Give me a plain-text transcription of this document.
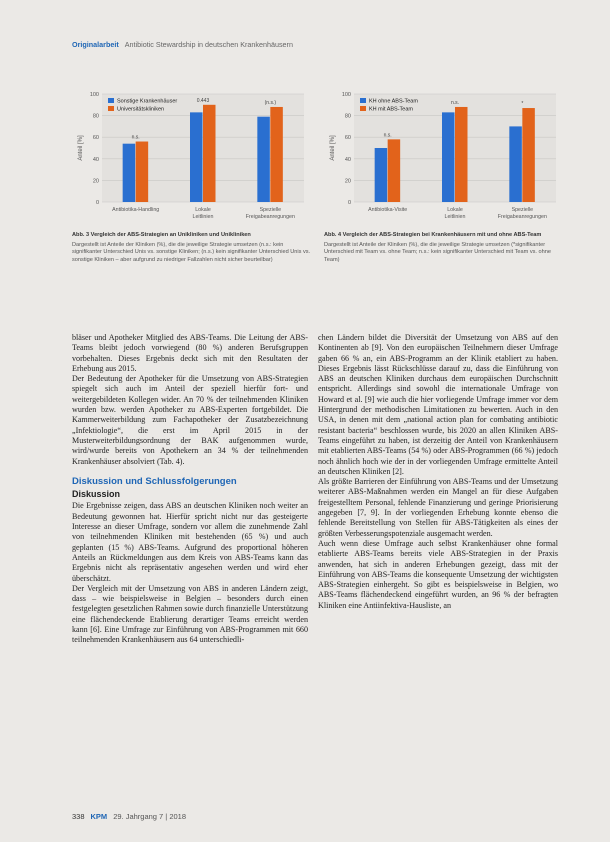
Originalarbeit Antibiotic Stewardship in deutschen Krankenhäusern
0
20
40
60
80
100
Anteil [%]	n.s.
Antibiotika-Handling
0.443
Lokale
Leitlinien
(n.s.)
Spezielle
Freigabeanregungen
Sonstige Krankenhäuser
Universitätskliniken
0
20
40
60
80
100
Anteil [%]	n.s.
Antibiotika-Visite
n.s.
Lokale
Leitlinien
*
Spezielle
Freigabeanregungen
KH ohne ABS-Team
KH mit ABS-Team
Abb. 3 Vergleich der ABS-Strategien an Unikliniken und Unikliniken
Dargestellt ist Anteile der Kliniken (%), die die jeweilige Strategie umsetzen (n.s.: kein signifikanter Unterschied Unis vs. sonstige Kliniken; (n.s.) kein signifikanter Unterschied Unis vs. sonstige Kliniken – aber aufgrund zu niedriger Fallzahlen nicht sicher beurteilbar)
Abb. 4 Vergleich der ABS-Strategien bei Krankenhäusern mit und ohne ABS-Team
Dargestellt ist Anteile der Kliniken (%), die die jeweilige Strategie umsetzen (*signifikanter Unterschied mit Team vs. ohne Team; n.s.: kein signifikanter Unterschied mit Team vs. ohne Team)

bläser und Apotheker Mitglied des ABS-Teams. Die Leitung der ABS-Teams bleibt jedoch vorwiegend (80 %) anderen Berufsgruppen vorbehalten. Dieses Ergebnis deckt sich mit den Resultaten der Erhebung aus 2015.

Der Bedeutung der Apotheker für die Umsetzung von ABS-Strategien spiegelt sich auch im Anteil der speziell hierfür fort- und weitergebildeten Kollegen wider. An 70 % der teilnehmenden Kliniken wurden bzw. werden Apotheker zu ABS-Experten fortgebildet. Die Kammerweiterbildung zum Fachapotheker der Zusatzbezeichnung „Infektiologie“, die erst im April 2015 in der Musterweiterbildungsordnung der BAK aufgenommen wurde, wird/wurde bereits von Apothekern an 34 % der teilnehmenden Krankenhäuser absolviert (Tab. 4).

Diskussion und Schlussfolgerungen
Diskussion

Die Ergebnisse zeigen, dass ABS an deutschen Kliniken noch weiter an Bedeutung gewonnen hat. Hierfür spricht nicht nur das gesteigerte Interesse an dieser Umfrage, sondern vor allem die zunehmende Zahl von teilnehmenden Kliniken mit bestehenden (65 %) und auch geplanten (15 %) ABS-Teams. Aufgrund des proportional höheren Anteils an Rückmeldungen aus dem Kreis von ABS-Teams kann das Ergebnis nicht als repräsentativ angesehen werden und wird eher überschätzt.

Der Vergleich mit der Umsetzung von ABS in anderen Ländern zeigt, dass – wie beispielsweise in Belgien – besonders durch einen festgelegten gesetzlichen Rahmen sowie durch finanzielle Unterstützung eine flächendeckende Etablierung derartiger Teams erreicht werden kann [6]. Eine Umfrage zur Einführung von ABS-Programmen mit 660 teilnehmenden Krankenhäusern aus 64 unterschiedli-

chen Ländern bildet die Diversität der Umsetzung von ABS auf den Kontinenten ab [9]. Von den europäischen Teilnehmern dieser Umfrage gaben 66 % an, ein ABS-Programm an der Klinik etabliert zu haben. Dieses Ergebnis lässt Rückschlüsse darauf zu, dass die Einführung von ABS an deutschen Kliniken durchaus dem europäischen Durchschnitt entspricht. Allerdings sind sowohl die internationale Umfrage von Howard et al. [9] wie auch die hier vorliegende Umfrage immer vor dem Hintergrund der methodischen Limitationen zu bewerten. Auch in den USA, in denen mit dem „national action plan for combating antibiotic resistant bacteria“ beschlossen wurde, bis 2020 an allen Kliniken ABS-Teams eingeführt zu haben, ist derzeitig der Anteil von Krankenhäusern mit etablierten ABS-Teams (54 %) oder ABS-Programmen (66 %) jedoch noch ähnlich hoch wie der in der vorliegenden Umfrage ermittelte Anteil an deutschen Kliniken [2].

Als größte Barrieren der Einführung von ABS-Teams und der Umsetzung weiterer ABS-Maßnahmen werden ein Mangel an für diese Aufgaben freigestelltem Personal, fehlende Finanzierung und geringe Priorisierung angegeben [7, 9]. In der vorliegenden Erhebung konnte ebenso die fehlende Bereitstellung von Stellen für ABS-Tätigkeiten als eines der größten Verbesserungspotenziale ausgemacht werden.

Auch wenn diese Umfrage auch selbst Krankenhäuser ohne formal etablierte ABS-Teams bereits viele ABS-Strategien in der Praxis anwenden, hat sich in anderen Erhebungen gezeigt, dass mit der Einführung von ABS-Teams die konsequente Umsetzung der wichtigsten ABS-Strategien einhergeht. So gibt es beispielsweise in Belgien, wo ABS-Teams flächendeckend eingeführt wurden, an 96 % der befragten Kliniken eine Antiinfektiva-Hausliste, an

338 KPM 29. Jahrgang 7 | 2018
